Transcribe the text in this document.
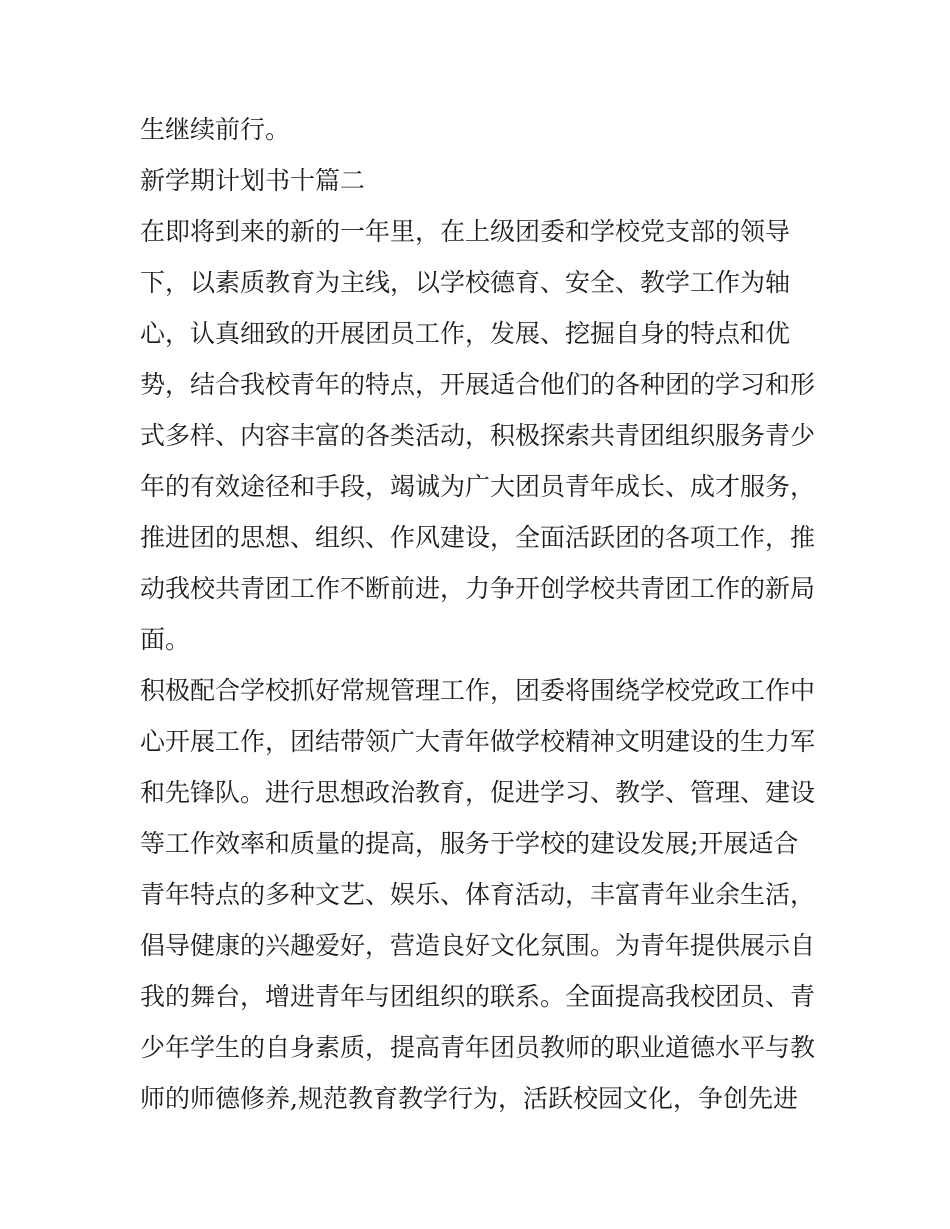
生继续前行。
新学期计划书十篇二
在即将到来的新的一年里，在上级团委和学校党支部的领导
下，以素质教育为主线，以学校德育、安全、教学工作为轴
心，认真细致的开展团员工作，发展、挖掘自身的特点和优
势，结合我校青年的特点，开展适合他们的各种团的学习和形
式多样、内容丰富的各类活动，积极探索共青团组织服务青少
年的有效途径和手段，竭诚为广大团员青年成长、成才服务，
推进团的思想、组织、作风建设，全面活跃团的各项工作，推
动我校共青团工作不断前进，力争开创学校共青团工作的新局
面。
积极配合学校抓好常规管理工作，团委将围绕学校党政工作中
心开展工作，团结带领广大青年做学校精神文明建设的生力军
和先锋队。进行思想政治教育，促进学习、教学、管理、建设
等工作效率和质量的提高，服务于学校的建设发展;开展适合
青年特点的多种文艺、娱乐、体育活动，丰富青年业余生活，
倡导健康的兴趣爱好，营造良好文化氛围。为青年提供展示自
我的舞台，增进青年与团组织的联系。全面提高我校团员、青
少年学生的自身素质，提高青年团员教师的职业道德水平与教
师的师德修养,规范教育教学行为，活跃校园文化，争创先进
